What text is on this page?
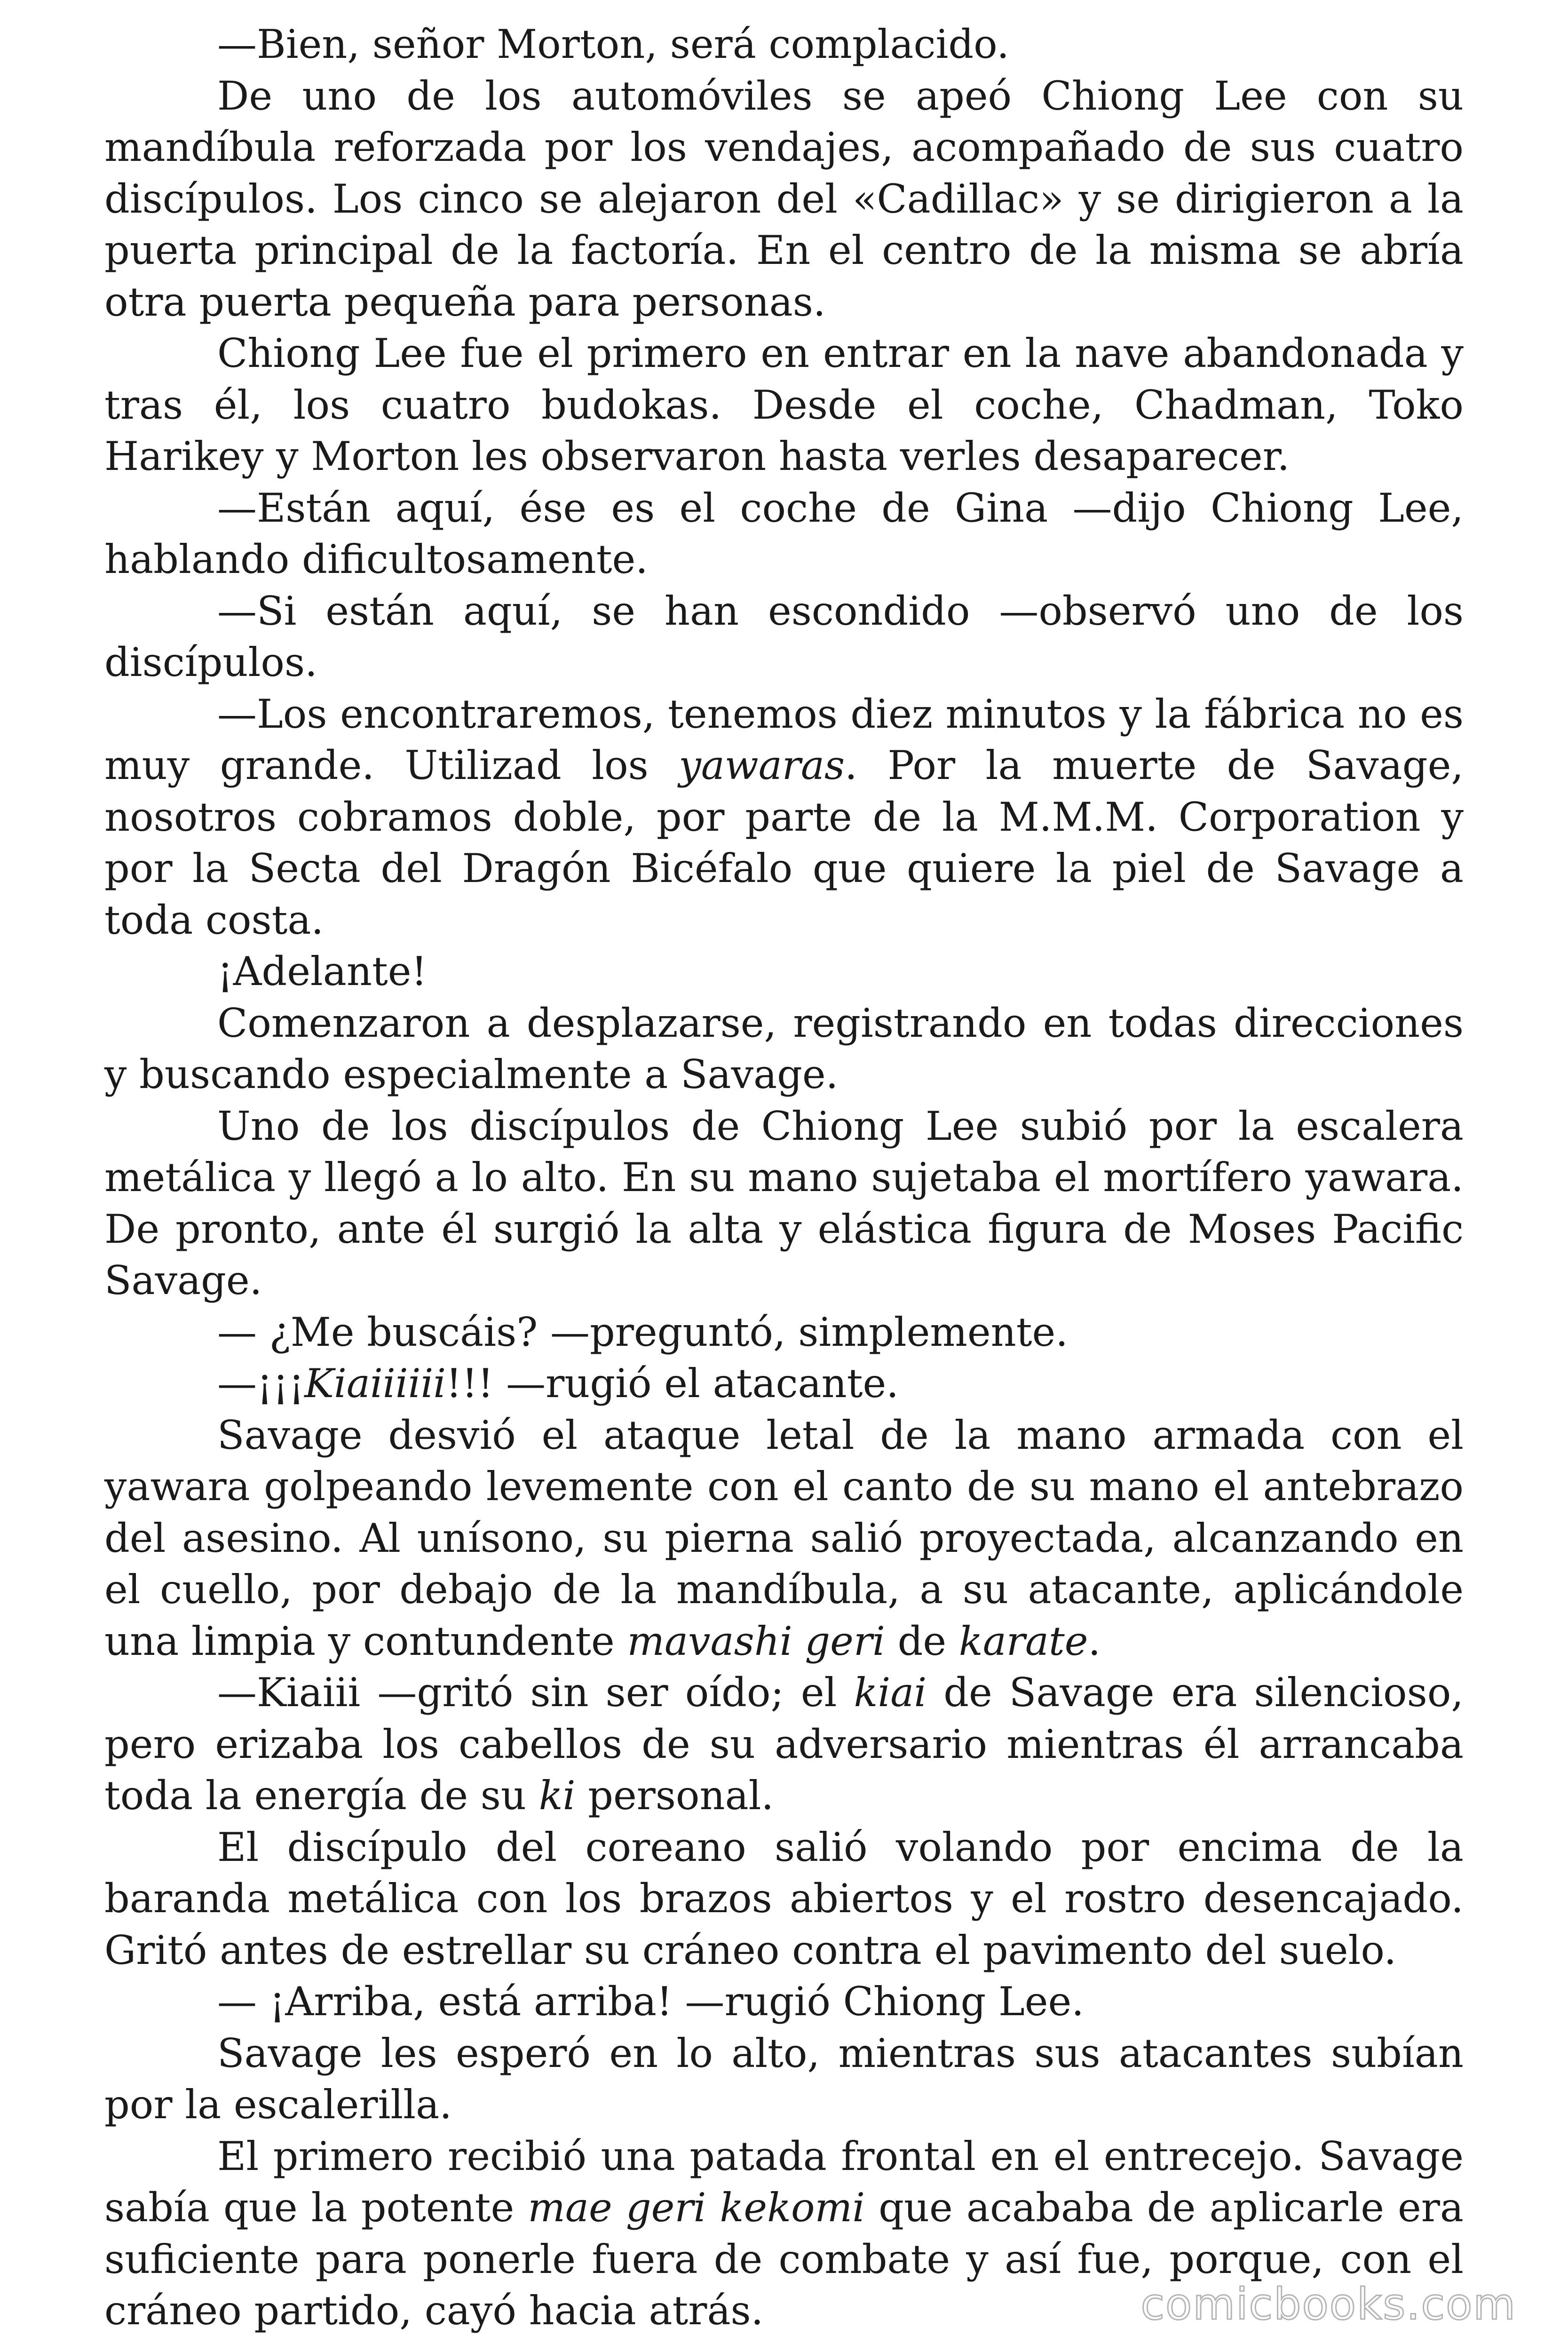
—Bien, señor Morton, será complacido.

De uno de los automóviles se apeó Chiong Lee con su mandíbula reforzada por los vendajes, acompañado de sus cuatro discípulos. Los cinco se alejaron del «Cadillac» y se dirigieron a la puerta principal de la factoría. En el centro de la misma se abría otra puerta pequeña para personas.

Chiong Lee fue el primero en entrar en la nave abandonada y tras él, los cuatro budokas. Desde el coche, Chadman, Toko Harikey y Morton les observaron hasta verles desaparecer.

—Están aquí, ése es el coche de Gina —dijo Chiong Lee, hablando dificultosamente.

—Si están aquí, se han escondido —observó uno de los discípulos.

—Los encontraremos, tenemos diez minutos y la fábrica no es muy grande. Utilizad los yawaras. Por la muerte de Savage, nosotros cobramos doble, por parte de la M.M.M. Corporation y por la Secta del Dragón Bicéfalo que quiere la piel de Savage a toda costa.

¡Adelante!

Comenzaron a desplazarse, registrando en todas direcciones y buscando especialmente a Savage.

Uno de los discípulos de Chiong Lee subió por la escalera metálica y llegó a lo alto. En su mano sujetaba el mortífero yawara. De pronto, ante él surgió la alta y elástica figura de Moses Pacific Savage.

— ¿Me buscáis? —preguntó, simplemente.

—¡¡¡Kiaiiiiii!!! —rugió el atacante.

Savage desvió el ataque letal de la mano armada con el yawara golpeando levemente con el canto de su mano el antebrazo del asesino. Al unísono, su pierna salió proyectada, alcanzando en el cuello, por debajo de la mandíbula, a su atacante, aplicándole una limpia y contundente mavashi geri de karate.

—Kiaiii —gritó sin ser oído; el kiai de Savage era silencioso, pero erizaba los cabellos de su adversario mientras él arrancaba toda la energía de su ki personal.

El discípulo del coreano salió volando por encima de la baranda metálica con los brazos abiertos y el rostro desencajado. Gritó antes de estrellar su cráneo contra el pavimento del suelo.

— ¡Arriba, está arriba! —rugió Chiong Lee.

Savage les esperó en lo alto, mientras sus atacantes subían por la escalerilla.

El primero recibió una patada frontal en el entrecejo. Savage sabía que la potente mae geri kekomi que acababa de aplicarle era suficiente para ponerle fuera de combate y así fue, porque, con el cráneo partido, cayó hacia atrás.	comicbooks.com
